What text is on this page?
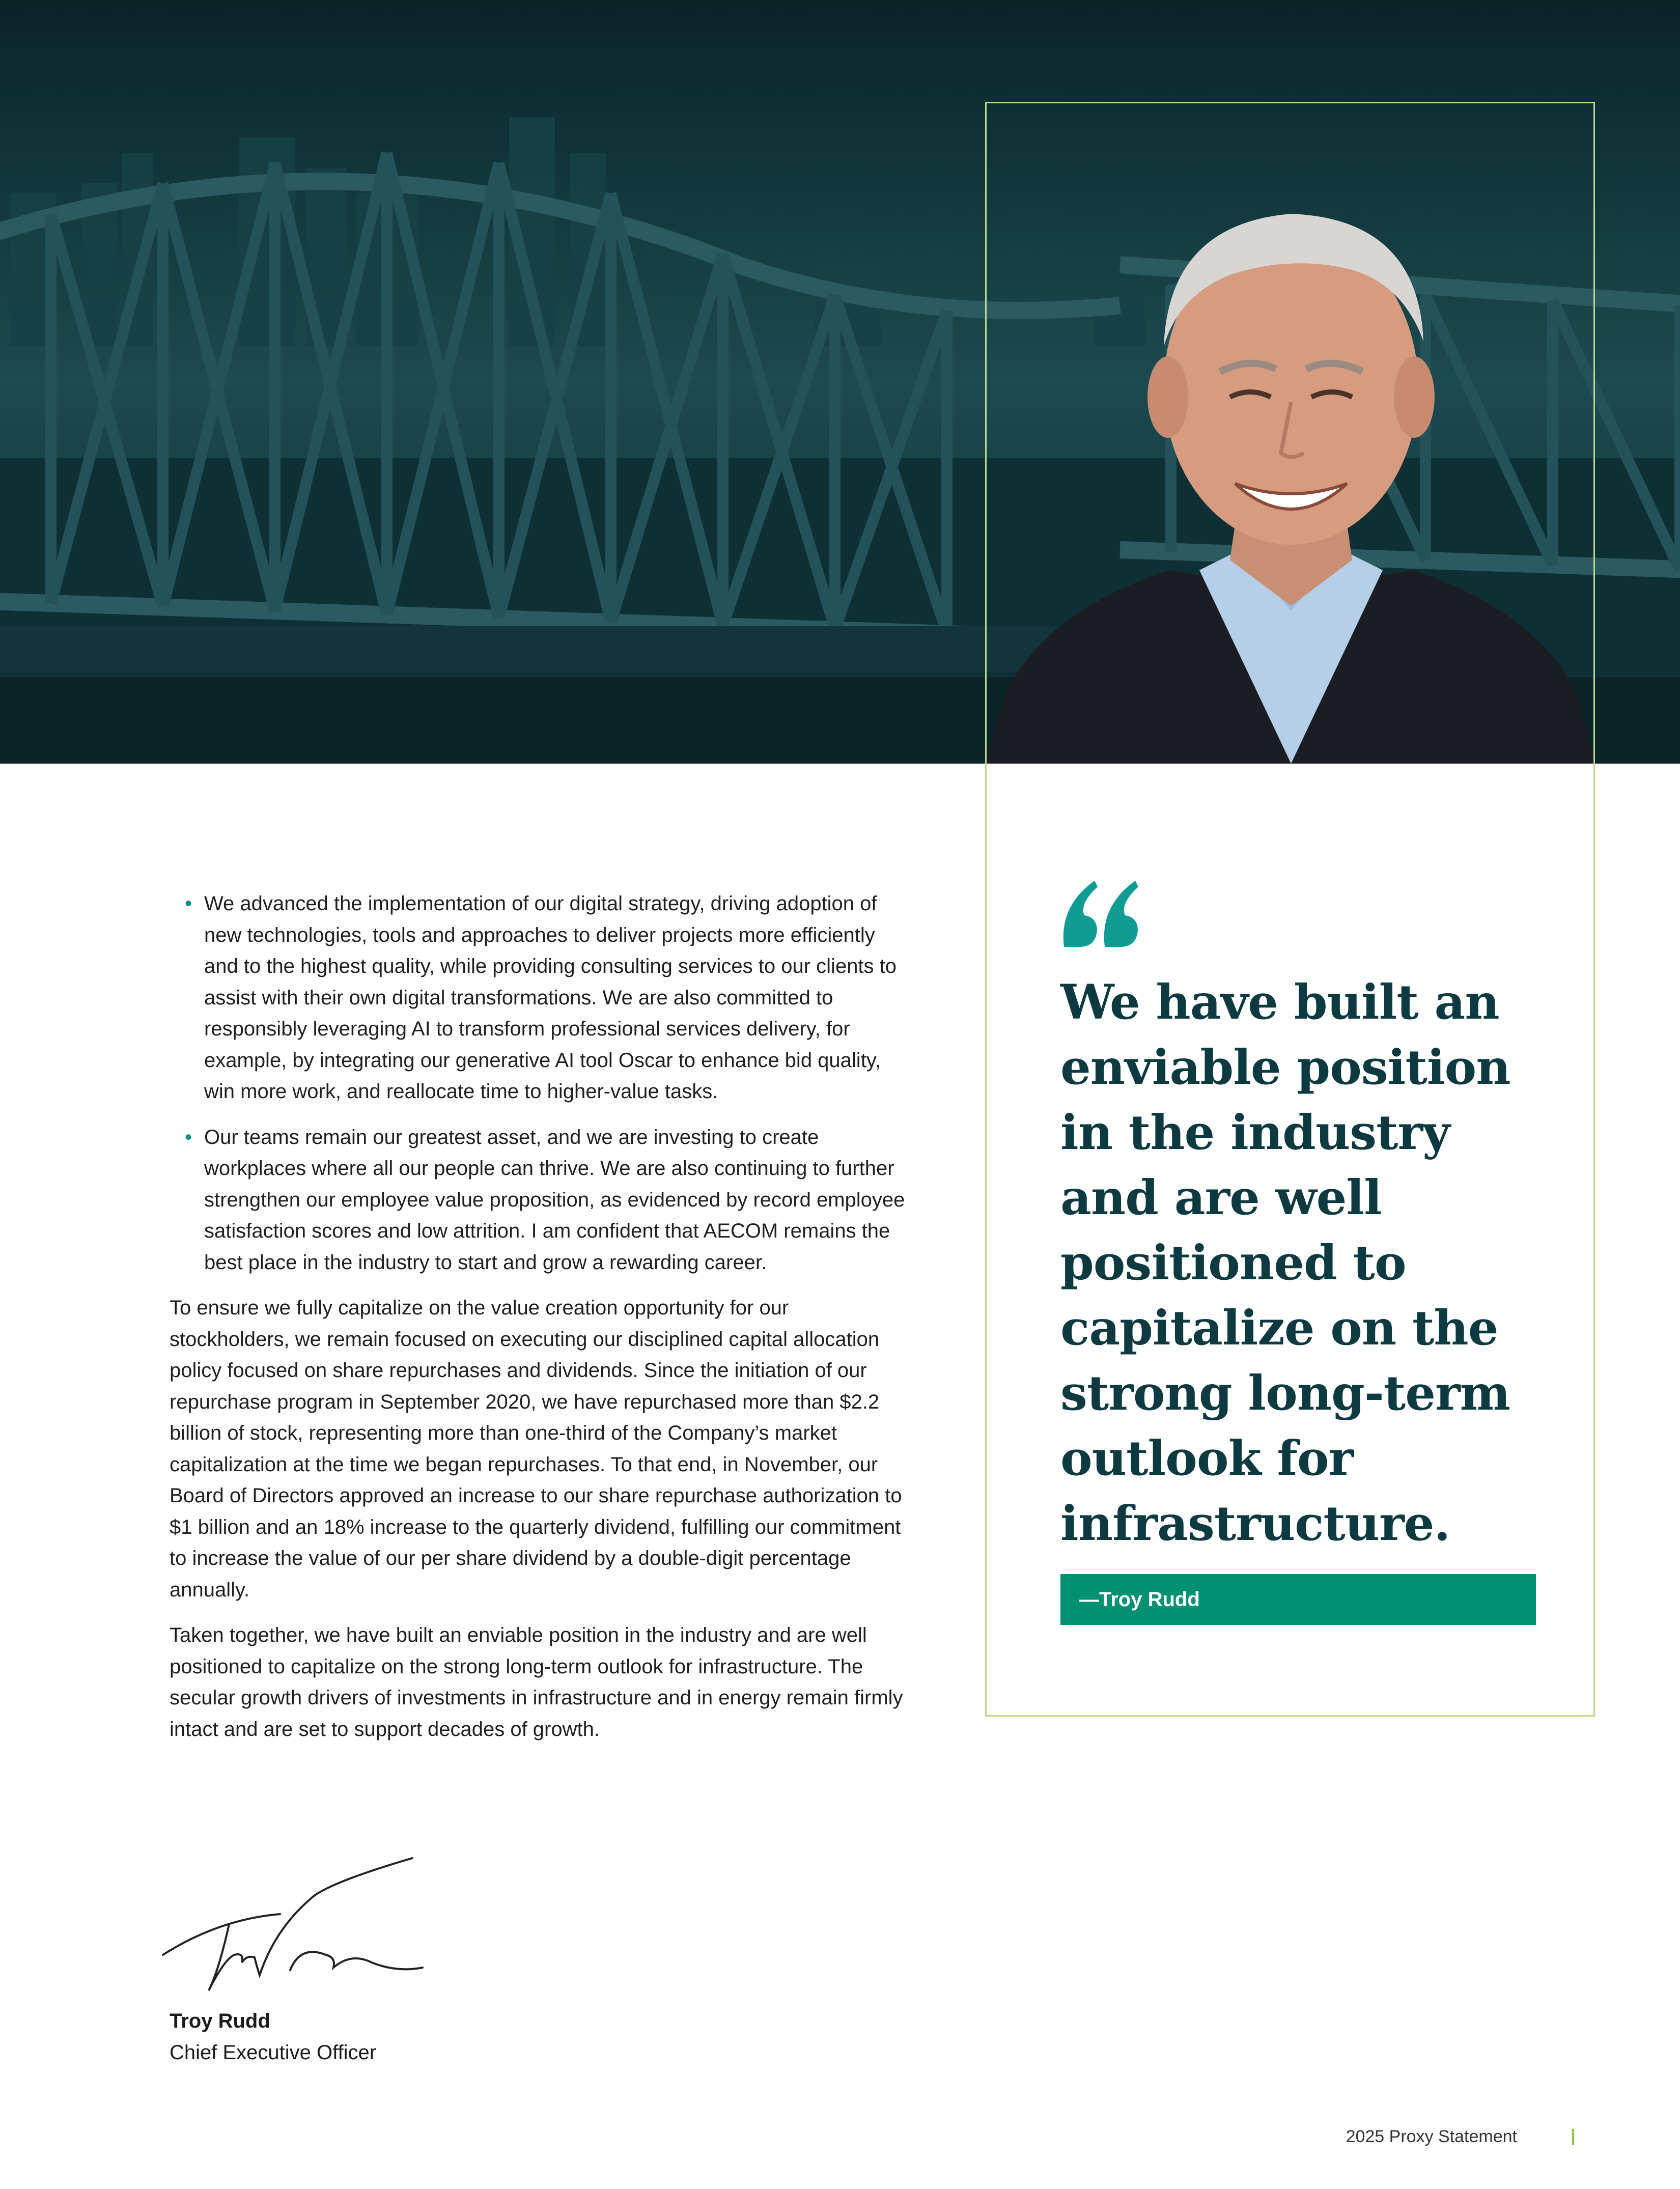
We have built an enviable position in the industry and are well positioned to capitalize on the strong long-term outlook for infrastructure.
—Troy Rudd
• We advanced the implementation of our digital strategy, driving adoption of new technologies, tools and approaches to deliver projects more efficiently and to the highest quality, while providing consulting services to our clients to assist with their own digital transformations. We are also committed to responsibly leveraging AI to transform professional services delivery, for example, by integrating our generative AI tool Oscar to enhance bid quality, win more work, and reallocate time to higher-value tasks.
• Our teams remain our greatest asset, and we are investing to create workplaces where all our people can thrive. We are also continuing to further strengthen our employee value proposition, as evidenced by record employee satisfaction scores and low attrition. I am confident that AECOM remains the best place in the industry to start and grow a rewarding career.

To ensure we fully capitalize on the value creation opportunity for our stockholders, we remain focused on executing our disciplined capital allocation policy focused on share repurchases and dividends. Since the initiation of our repurchase program in September 2020, we have repurchased more than $2.2 billion of stock, representing more than one-third of the Company’s market capitalization at the time we began repurchases. To that end, in November, our Board of Directors approved an increase to our share repurchase authorization to $1 billion and an 18% increase to the quarterly dividend, fulfilling our commitment to increase the value of our per share dividend by a double-digit percentage annually.

Taken together, we have built an enviable position in the industry and are well positioned to capitalize on the strong long-term outlook for infrastructure. The secular growth drivers of investments in infrastructure and in energy remain firmly intact and are set to support decades of growth.

Troy Rudd
Chief Executive Officer
2025 Proxy Statement
